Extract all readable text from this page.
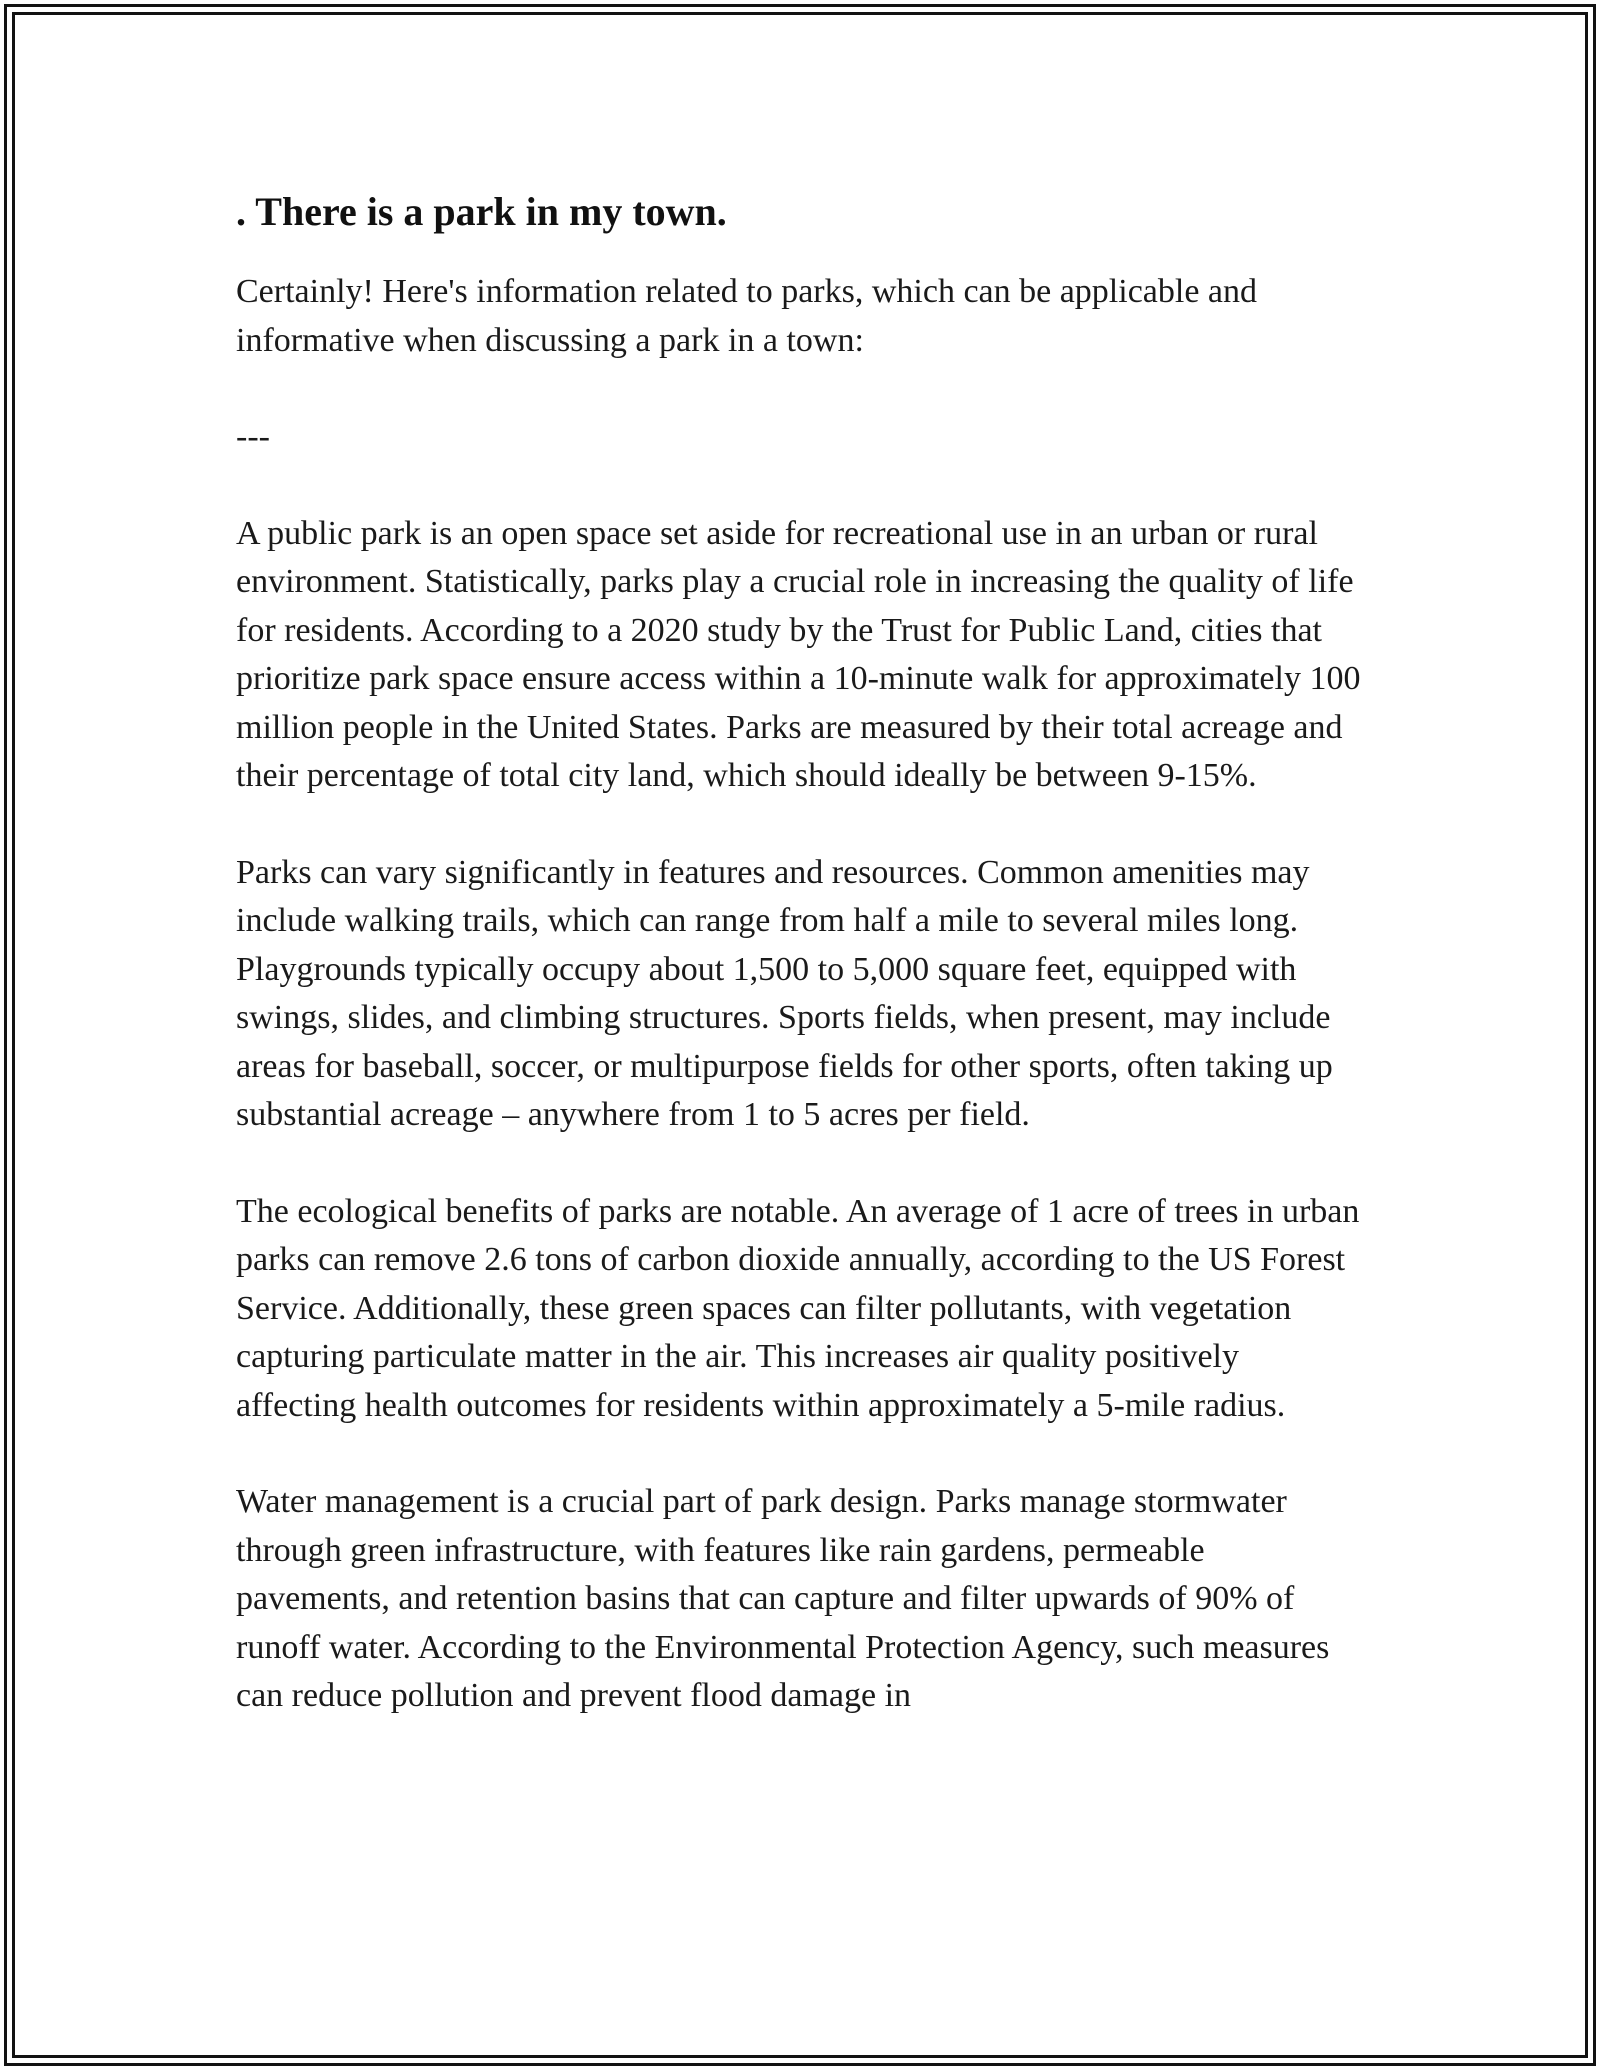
. There is a park in my town.

Certainly! Here's information related to parks, which can be applicable and informative when discussing a park in a town:

---

A public park is an open space set aside for recreational use in an urban or rural environment. Statistically, parks play a crucial role in increasing the quality of life for residents. According to a 2020 study by the Trust for Public Land, cities that prioritize park space ensure access within a 10-minute walk for approximately 100 million people in the United States. Parks are measured by their total acreage and their percentage of total city land, which should ideally be between 9-15%.

Parks can vary significantly in features and resources. Common amenities may include walking trails, which can range from half a mile to several miles long. Playgrounds typically occupy about 1,500 to 5,000 square feet, equipped with swings, slides, and climbing structures. Sports fields, when present, may include areas for baseball, soccer, or multipurpose fields for other sports, often taking up substantial acreage – anywhere from 1 to 5 acres per field.

The ecological benefits of parks are notable. An average of 1 acre of trees in urban parks can remove 2.6 tons of carbon dioxide annually, according to the US Forest Service. Additionally, these green spaces can filter pollutants, with vegetation capturing particulate matter in the air. This increases air quality positively affecting health outcomes for residents within approximately a 5-mile radius.

Water management is a crucial part of park design. Parks manage stormwater through green infrastructure, with features like rain gardens, permeable pavements, and retention basins that can capture and filter upwards of 90% of runoff water. According to the Environmental Protection Agency, such measures can reduce pollution and prevent flood damage in
